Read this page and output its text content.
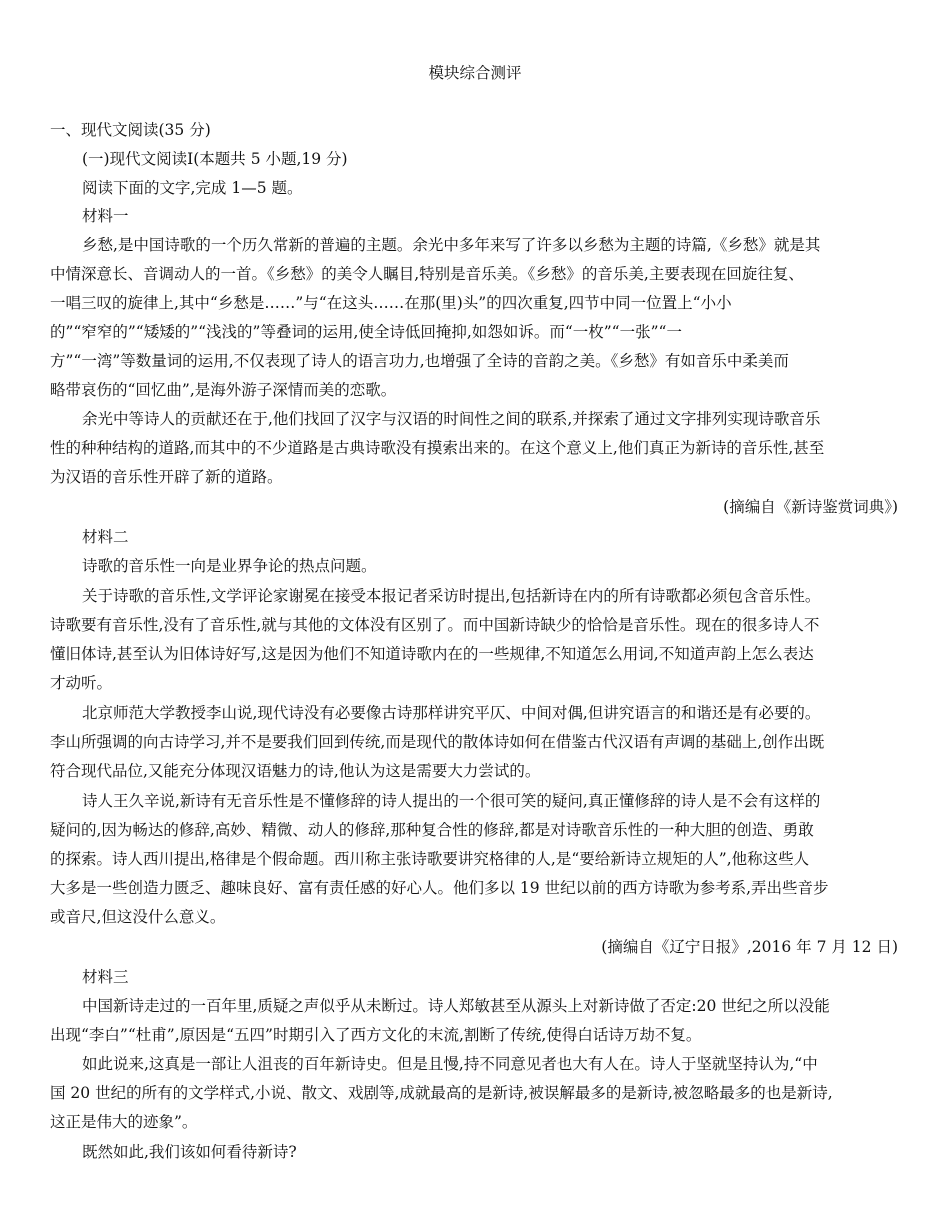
模块综合测评
一、现代文阅读(35 分)
(一)现代文阅读Ⅰ(本题共 5 小题,19 分)
阅读下面的文字,完成 1—5 题。
材料一
乡愁,是中国诗歌的一个历久常新的普遍的主题。余光中多年来写了许多以乡愁为主题的诗篇,《乡愁》就是其
中情深意长、音调动人的一首。《乡愁》的美令人瞩目,特别是音乐美。《乡愁》的音乐美,主要表现在回旋往复、
一唱三叹的旋律上,其中“乡愁是……”与“在这头……在那(里)头”的四次重复,四节中同一位置上“小小
的”“窄窄的”“矮矮的”“浅浅的”等叠词的运用,使全诗低回掩抑,如怨如诉。而“一枚”“一张”“一
方”“一湾”等数量词的运用,不仅表现了诗人的语言功力,也增强了全诗的音韵之美。《乡愁》有如音乐中柔美而
略带哀伤的“回忆曲”,是海外游子深情而美的恋歌。
余光中等诗人的贡献还在于,他们找回了汉字与汉语的时间性之间的联系,并探索了通过文字排列实现诗歌音乐
性的种种结构的道路,而其中的不少道路是古典诗歌没有摸索出来的。在这个意义上,他们真正为新诗的音乐性,甚至
为汉语的音乐性开辟了新的道路。
(摘编自《新诗鉴赏词典》)
材料二
诗歌的音乐性一向是业界争论的热点问题。
关于诗歌的音乐性,文学评论家谢冕在接受本报记者采访时提出,包括新诗在内的所有诗歌都必须包含音乐性。
诗歌要有音乐性,没有了音乐性,就与其他的文体没有区别了。而中国新诗缺少的恰恰是音乐性。现在的很多诗人不
懂旧体诗,甚至认为旧体诗好写,这是因为他们不知道诗歌内在的一些规律,不知道怎么用词,不知道声韵上怎么表达
才动听。
北京师范大学教授李山说,现代诗没有必要像古诗那样讲究平仄、中间对偶,但讲究语言的和谐还是有必要的。
李山所强调的向古诗学习,并不是要我们回到传统,而是现代的散体诗如何在借鉴古代汉语有声调的基础上,创作出既
符合现代品位,又能充分体现汉语魅力的诗,他认为这是需要大力尝试的。
诗人王久辛说,新诗有无音乐性是不懂修辞的诗人提出的一个很可笑的疑问,真正懂修辞的诗人是不会有这样的
疑问的,因为畅达的修辞,高妙、精微、动人的修辞,那种复合性的修辞,都是对诗歌音乐性的一种大胆的创造、勇敢
的探索。诗人西川提出,格律是个假命题。西川称主张诗歌要讲究格律的人,是“要给新诗立规矩的人”,他称这些人
大多是一些创造力匮乏、趣味良好、富有责任感的好心人。他们多以 19 世纪以前的西方诗歌为参考系,弄出些音步
或音尺,但这没什么意义。
(摘编自《辽宁日报》,2016 年 7 月 12 日)
材料三
中国新诗走过的一百年里,质疑之声似乎从未断过。诗人郑敏甚至从源头上对新诗做了否定:20 世纪之所以没能
出现“李白”“杜甫”,原因是“五四”时期引入了西方文化的末流,割断了传统,使得白话诗万劫不复。
如此说来,这真是一部让人沮丧的百年新诗史。但是且慢,持不同意见者也大有人在。诗人于坚就坚持认为,“中
国 20 世纪的所有的文学样式,小说、散文、戏剧等,成就最高的是新诗,被误解最多的是新诗,被忽略最多的也是新诗,
这正是伟大的迹象”。
既然如此,我们该如何看待新诗?
